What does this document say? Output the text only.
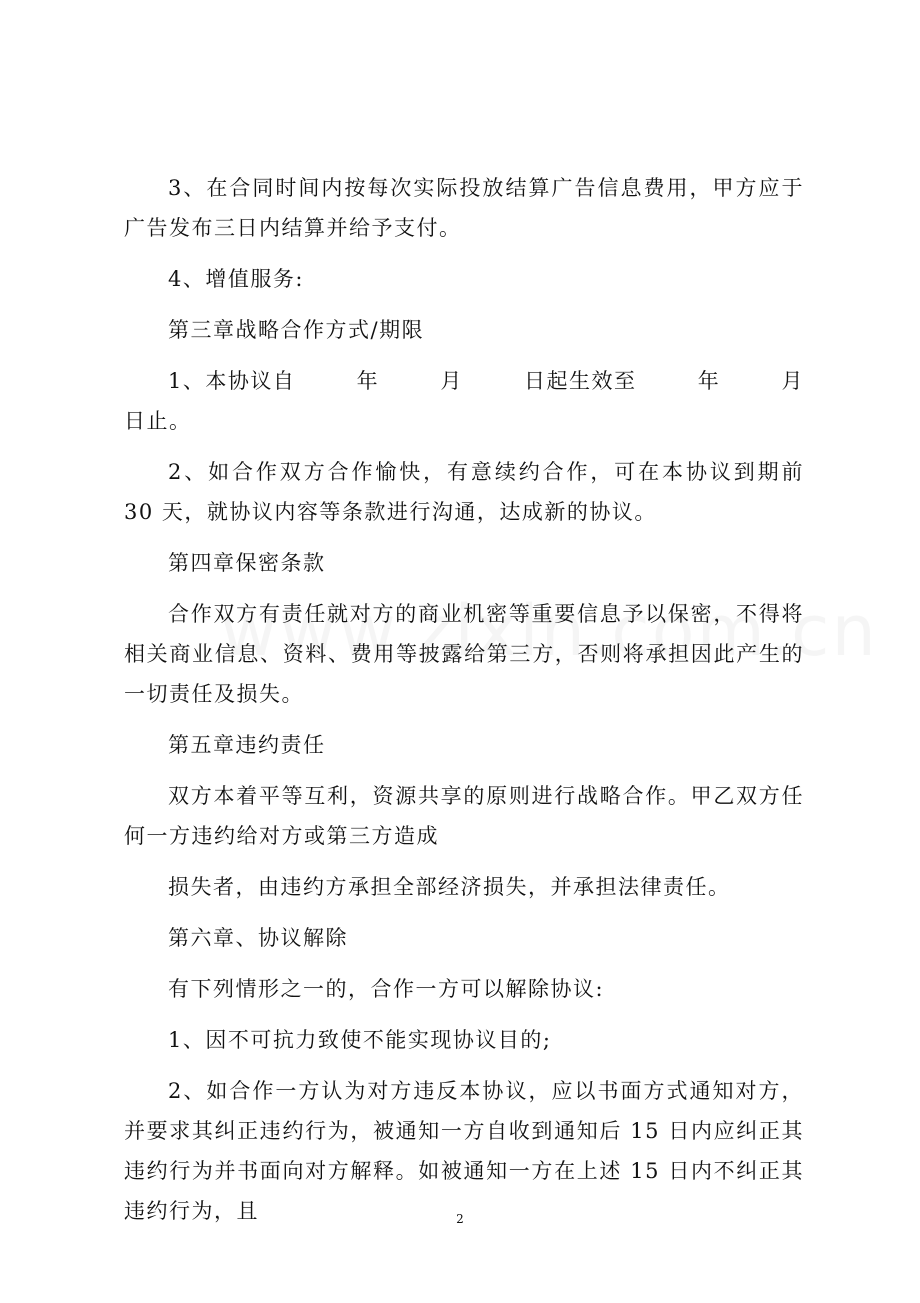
3、在合同时间内按每次实际投放结算广告信息费用，甲方应于广告发布三日内结算并给予支付。

4、增值服务:

第三章战略合作方式/期限

1、本协议自	年	月	日起生效至	年	月

日止。

2、如合作双方合作愉快，有意续约合作，可在本协议到期前 30 天，就协议内容等条款进行沟通，达成新的协议。

第四章保密条款

合作双方有责任就对方的商业机密等重要信息予以保密，不得将相关商业信息、资料、费用等披露给第三方，否则将承担因此产生的一切责任及损失。

第五章违约责任

双方本着平等互利，资源共享的原则进行战略合作。甲乙双方任何一方违约给对方或第三方造成

损失者，由违约方承担全部经济损失，并承担法律责任。

第六章、协议解除

有下列情形之一的，合作一方可以解除协议:

1、因不可抗力致使不能实现协议目的;

2、如合作一方认为对方违反本协议，应以书面方式通知对方，并要求其纠正违约行为，被通知一方自收到通知后 15 日内应纠正其违约行为并书面向对方解释。如被通知一方在上述 15 日内不纠正其违约行为，且	2
